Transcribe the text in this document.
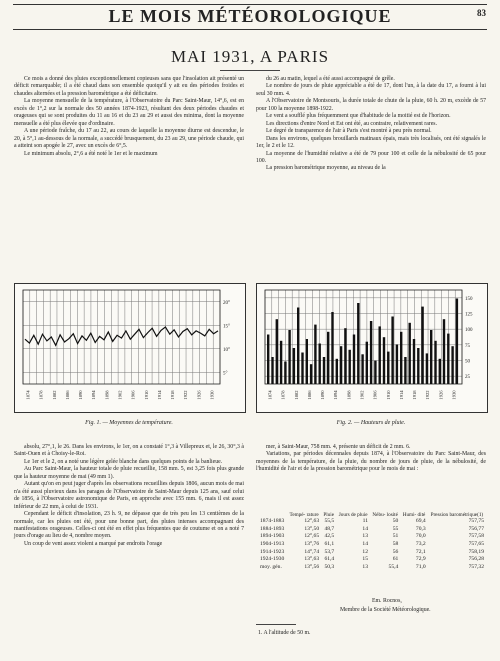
LE MOIS MÉTÉOROLOGIQUE	83
MAI 1931, A PARIS

Ce mois a donné des pluies exceptionnellement copieuses sans que l'insolation ait présenté un déficit remarquable; il a été chaud dans son ensemble quoiqu'il y ait eu des périodes froides et chaudes alternées et la pression barométrique a été déficitaire.

La moyenne mensuelle de la température, à l'Observatoire du Parc Saint-Maur, 14°,6, est en excès de 1°,2 sur la normale des 50 années 1874-1923, résultant des deux périodes chaudes et orageuses qui se sont produites du 11 au 16 et du 23 au 29 et aussi des minima, dont la moyenne mensuelle a été plus élevée que d'ordinaire.

A une période fraîche, du 17 au 22, au cours de laquelle la moyenne diurne est descendue, le 20, à 5°,1 au-dessous de la normale, a succédé brusquement, du 23 au 29, une période chaude, qui a atteint son apogée le 27, avec un excès de 6°,5.

Le minimum absolu, 2°,6 a été noté le 1er et le maximum

du 26 au matin, lequel a été aussi accompagné de grêle.

Le nombre de jours de pluie appréciable a été de 17, dont l'un, à la date du 17, a fourni à lui seul 30 mm. 4.

A l'Observatoire de Montsouris, la durée totale de chute de la pluie, 60 h. 20 m, excède de 57 pour 100 la moyenne 1898-1922.

Le vent a soufflé plus fréquemment que d'habitude de la moitié est de l'horizon.

Les directions d'entre Nord et Est ont été, au contraire, relativement rares.

Le degré de transparence de l'air à Paris s'est montré à peu près normal.

Dans les environs, quelques brouillards matinaux épais, mais très localisés, ont été signalés le 1er, le 2 et le 12.

La moyenne de l'humidité relative a été de 79 pour 100 et celle de la nébulosité de 65 pour 100.

La pression barométrique moyenne, au niveau de la

20°
15°
10°
5°
1874 1878 1882 1886 1890 1894 1898 1902 1906 1910 1914 1918 1922 1926 1930
Fig. 1. — Moyennes de température.
150
125
100
75
50
25
1874 1878 1882 1886 1890 1894 1898 1902 1906 1910 1914 1918 1922 1926 1930
Fig. 2. — Hauteurs de pluie.

absolu, 27°,1, le 26. Dans les environs, le 1er, on a constaté 1°,3 à Villepreux et, le 26, 30°,3 à Saint-Ouen et à Choisy-le-Roi.

Le 1er et le 2, on a noté une légère gelée blanche dans quelques points de la banlieue.

Au Parc Saint-Maur, la hauteur totale de pluie recueillie, 158 mm. 5, est 3,25 fois plus grande que la hauteur moyenne de mai (49 mm 1).

Autant qu'on en peut juger d'après les observations recueillies depuis 1806, aucun mois de mai n'a été aussi pluvieux dans les parages de l'Observatoire de Saint-Maur depuis 125 ans, sauf celui de 1856, à l'Observatoire astronomique de Paris, en approche avec 155 mm. 6, mais il est assez inférieur de 22 mm, à celui de 1931.

Cependant le déficit d'insolation, 23 h. 9, ne dépasse que de très peu les 13 centièmes de la normale, car les pluies ont été, pour une bonne part, des pluies intenses accompagnant des manifestations orageuses. Celles-ci ont été en effet plus fréquentes que de coutume et on a noté 7 jours d'orage au lieu de 4, nombre moyen.

Un coup de vent assez violent a marqué par endroits l'orage

mer, à Saint-Maur, 758 mm. 4, présente un déficit de 2 mm. 6.

Variations, par périodes décennales depuis 1874, à l'Observatoire du Parc Saint-Maur, des moyennes de la température, de la pluie, du nombre de jours de pluie, de la nébulosité, de l'humidité de l'air et de la pression barométrique pour le mois de mai :

	Tempé- rature	Pluie	Jours de pluie	Nébu- losité	Humi- dité	Pression barométrique(1)
1874-1883	12°,63	55,5	11	50	69,4	757,75
1884-1893	13°,50	48,7	14	55	70,3	756,77
1894-1903	12°,65	42,5	13	51	70,0	757,58
1904-1913	13°,76	61,1	14	58	73,2	757,65
1914-1923	14°,74	53,7	12	56	72,1	758,19
1924-1930	13°,63	61,4	15	61	72,9	756,28
moy. gén.	13°,56	50,3	13	55,4	71,0	757,32
Em. Rocnos,
Membre de la Société Météorologique.
1. A l'altitude de 50 m.
